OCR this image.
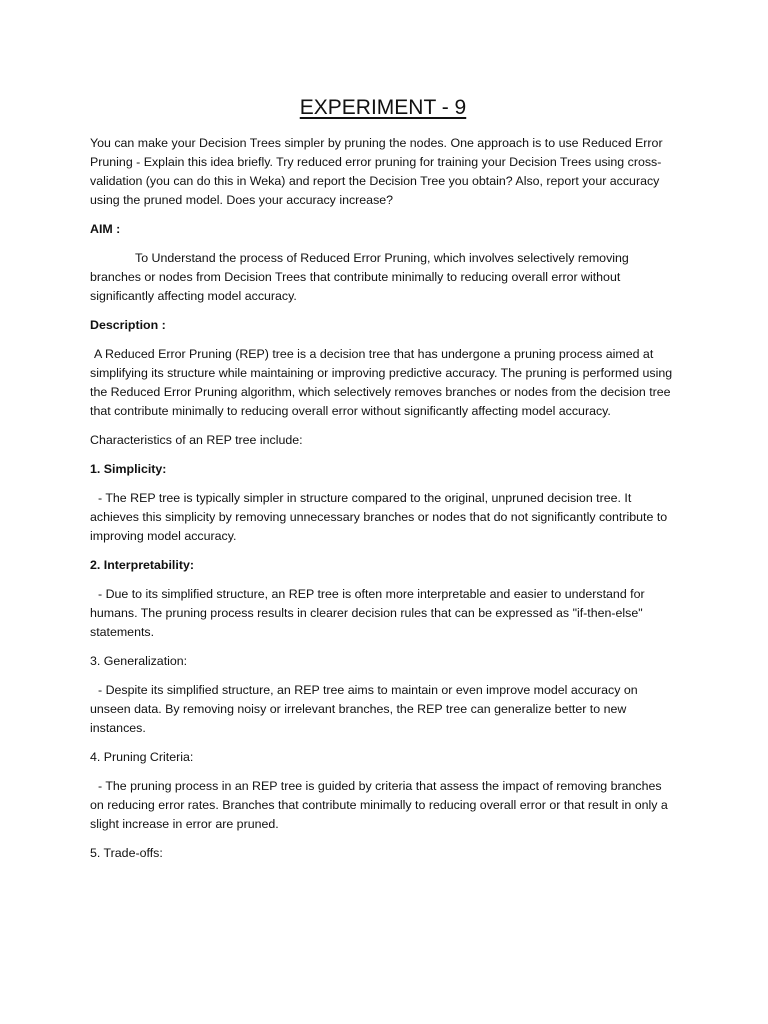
EXPERIMENT - 9

You can make your Decision Trees simpler by pruning the nodes. One approach is to use Reduced Error Pruning - Explain this idea briefly. Try reduced error pruning for training your Decision Trees using cross-validation (you can do this in Weka) and report the Decision Tree you obtain? Also, report your accuracy using the pruned model. Does your accuracy increase?

AIM :

To Understand the process of Reduced Error Pruning, which involves selectively removing branches or nodes from Decision Trees that contribute minimally to reducing overall error without significantly affecting model accuracy.

Description :

A Reduced Error Pruning (REP) tree is a decision tree that has undergone a pruning process aimed at simplifying its structure while maintaining or improving predictive accuracy. The pruning is performed using the Reduced Error Pruning algorithm, which selectively removes branches or nodes from the decision tree that contribute minimally to reducing overall error without significantly affecting model accuracy.

Characteristics of an REP tree include:

1. Simplicity:

- The REP tree is typically simpler in structure compared to the original, unpruned decision tree. It achieves this simplicity by removing unnecessary branches or nodes that do not significantly contribute to improving model accuracy.

2. Interpretability:

- Due to its simplified structure, an REP tree is often more interpretable and easier to understand for humans. The pruning process results in clearer decision rules that can be expressed as "if-then-else" statements.

3. Generalization:

- Despite its simplified structure, an REP tree aims to maintain or even improve model accuracy on unseen data. By removing noisy or irrelevant branches, the REP tree can generalize better to new instances.

4. Pruning Criteria:

- The pruning process in an REP tree is guided by criteria that assess the impact of removing branches on reducing error rates. Branches that contribute minimally to reducing overall error or that result in only a slight increase in error are pruned.

5. Trade-offs:
